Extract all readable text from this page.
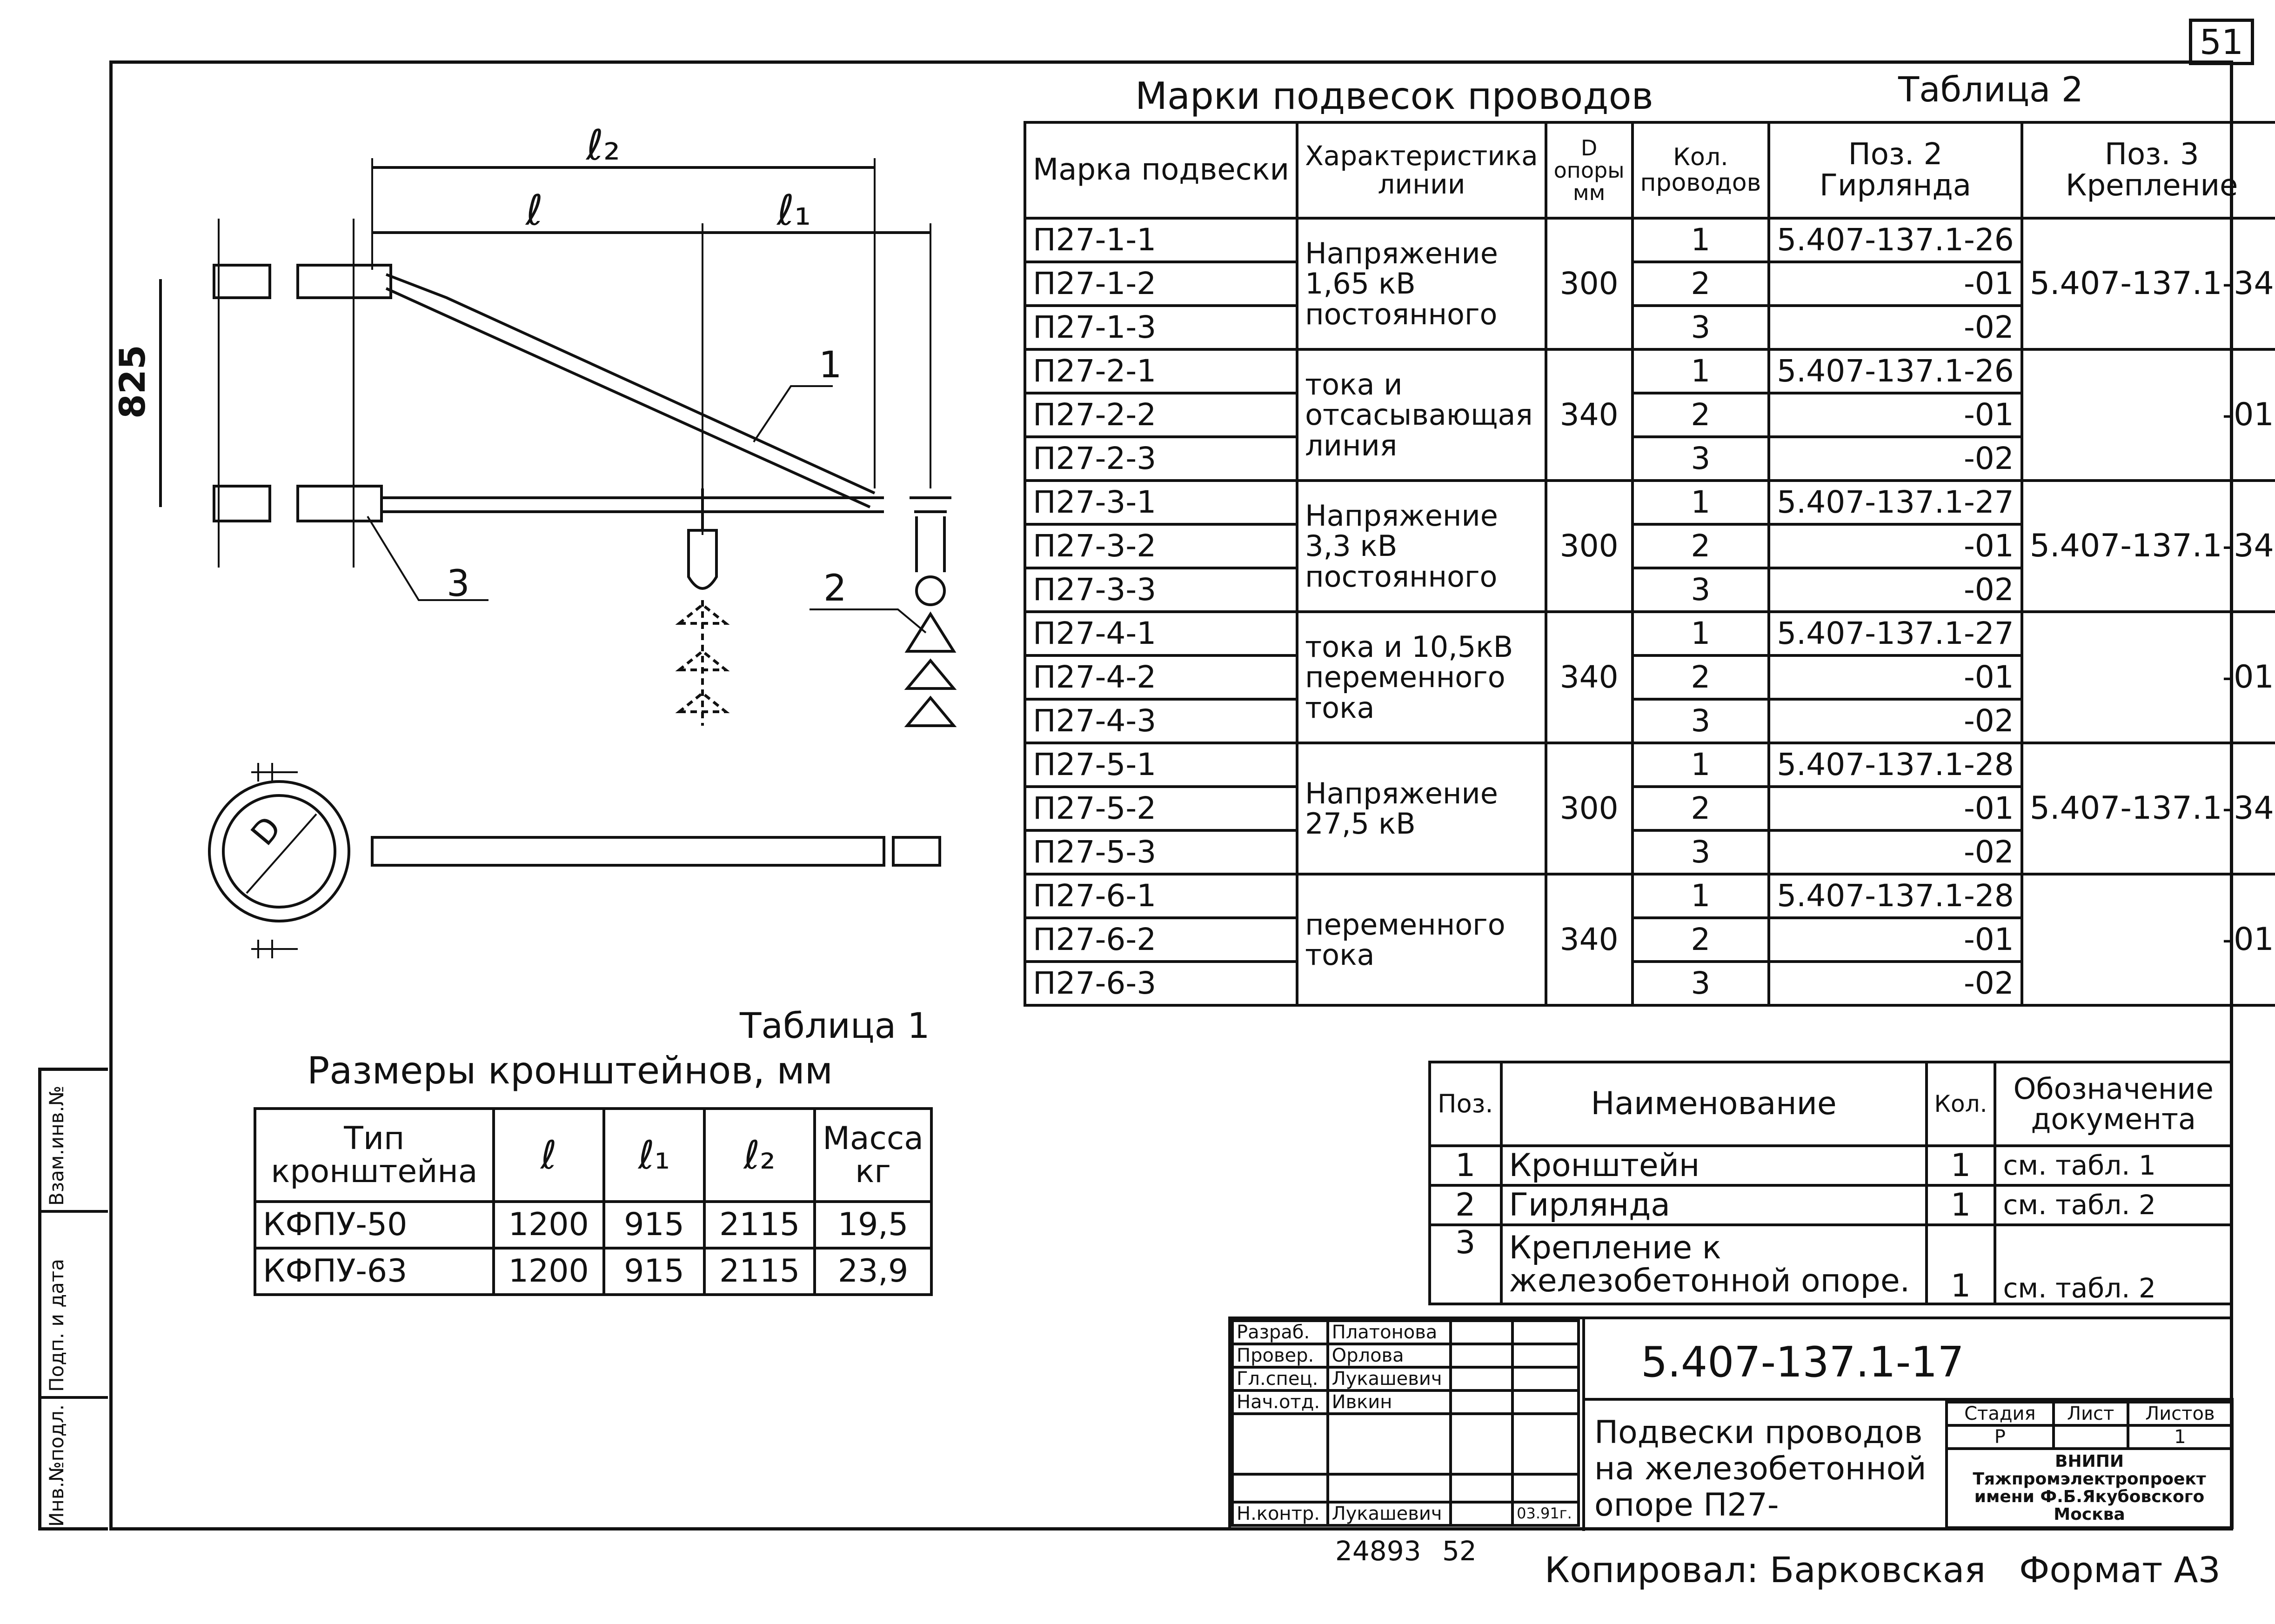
51
Инв.№подл.
Подп. и дата
Взам.инв.№
ℓ₂
ℓ	ℓ₁
825	1
2
3
D
Марки подвесок проводов	Таблица 2
Марка подвески	Характеристика линии	D опоры мм	Кол. проводов	Поз. 2 Гирлянда	Поз. 3 Крепление
П27-1-1	Напряжение 1,65 кВ постоянного	300	1	5.407-137.1-26	5.407-137.1-34
П27-1-2			2	-01	
П27-1-3			3	-02	
П27-2-1	тока и отсасывающая линия	340	1	5.407-137.1-26	-01
П27-2-2			2	-01	
П27-2-3			3	-02	
П27-3-1	Напряжение 3,3 кВ постоянного	300	1	5.407-137.1-27	5.407-137.1-34
П27-3-2			2	-01	
П27-3-3			3	-02	
П27-4-1	тока и 10,5кВ переменного тока	340	1	5.407-137.1-27	-01
П27-4-2			2	-01	
П27-4-3			3	-02	
П27-5-1	Напряжение 27,5 кВ	300	1	5.407-137.1-28	5.407-137.1-34
П27-5-2			2	-01	
П27-5-3			3	-02	
П27-6-1	переменного тока	340	1	5.407-137.1-28	-01
П27-6-2			2	-01	
П27-6-3			3	-02	
Таблица 1
Размеры кронштейнов, мм
Тип кронштейна	ℓ	ℓ₁	ℓ₂	Масса кг
КФПУ-50	1200	915	2115	19,5
КФПУ-63	1200	915	2115	23,9
Поз.	Наименование	Кол.	Обозначение документа
1	Кронштейн	1	см. табл. 1
2	Гирлянда	1	см. табл. 2
3	Крепление к железобетонной опоре.	1	см. табл. 2
Разраб.	Платонова		
Провер.	Орлова		
Гл.спец.	Лукашевич		
Нач.отд.	Ивкин		

Н.контр.	Лукашевич		03.91г.
5.407-137.1-17
Подвески проводов на железобетонной опоре П27-
Стадия	Лист	Листов
Р		1
ВНИПИ Тяжпромэлектропроект имени Ф.Б.Якубовского Москва		
24893 52 Копировал: Барковская Формат А3
